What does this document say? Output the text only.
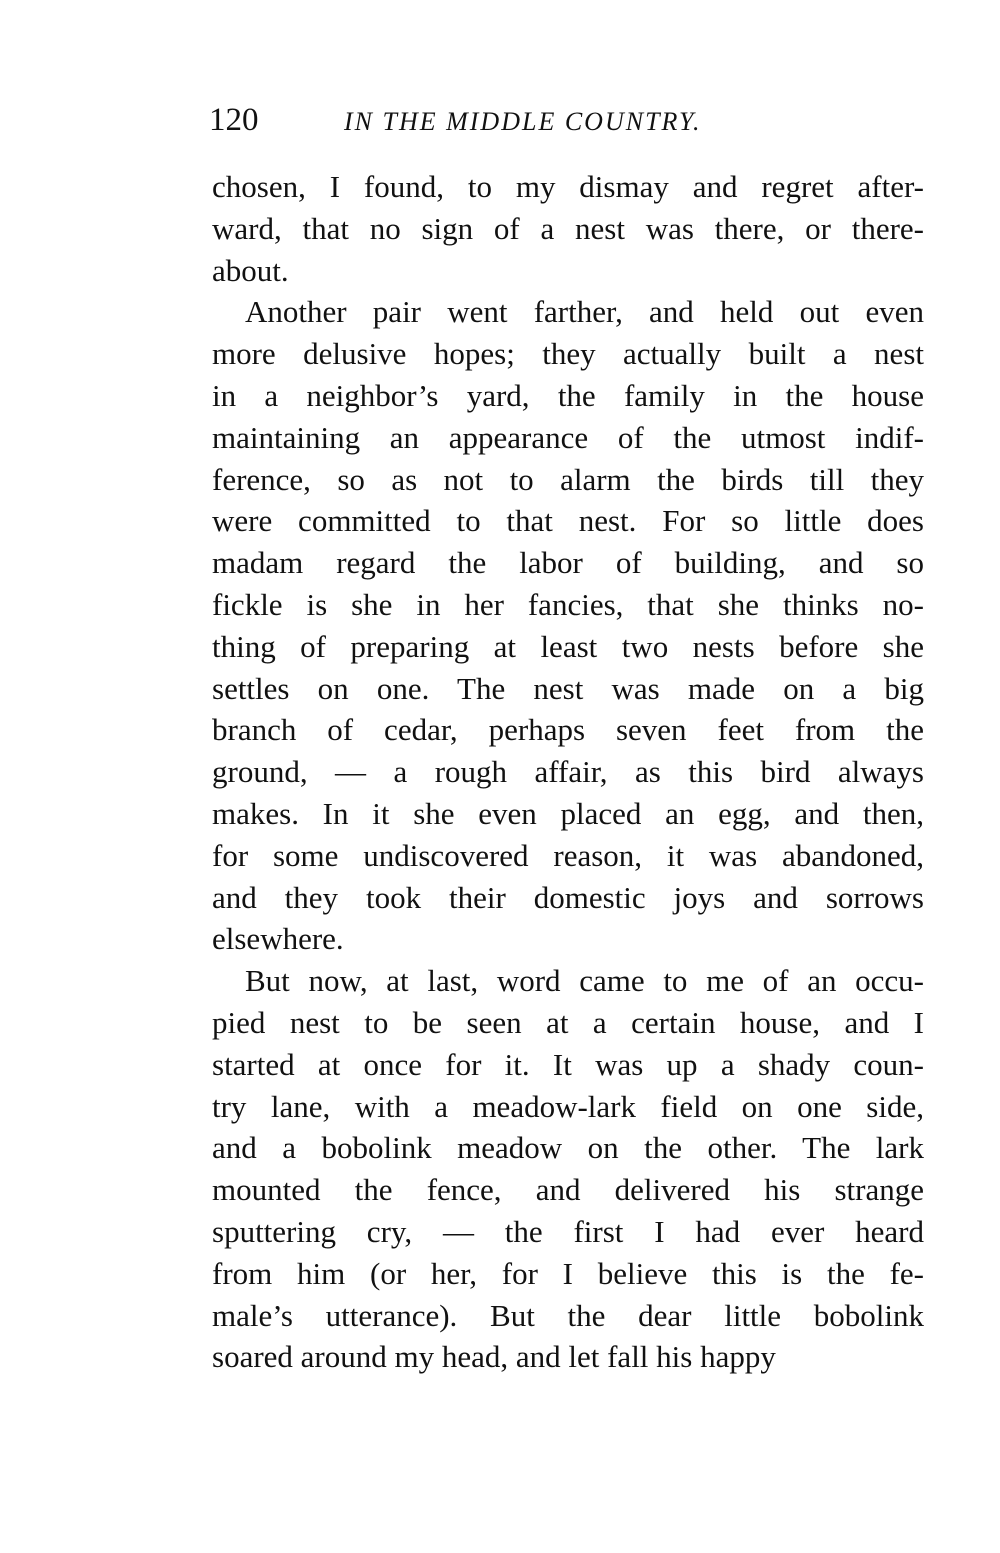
120	IN THE MIDDLE COUNTRY.
chosen, I found, to my dismay and regret after-
ward, that no sign of a nest was there, or there-
about.
Another pair went farther, and held out even
more delusive hopes; they actually built a nest
in a neighbor’s yard, the family in the house
maintaining an appearance of the utmost indif-
ference, so as not to alarm the birds till they
were committed to that nest. For so little does
madam regard the labor of building, and so
fickle is she in her fancies, that she thinks no-
thing of preparing at least two nests before she
settles on one. The nest was made on a big
branch of cedar, perhaps seven feet from the
ground, — a rough affair, as this bird always
makes. In it she even placed an egg, and then,
for some undiscovered reason, it was abandoned,
and they took their domestic joys and sorrows
elsewhere.
But now, at last, word came to me of an occu-
pied nest to be seen at a certain house, and I
started at once for it. It was up a shady coun-
try lane, with a meadow-lark field on one side,
and a bobolink meadow on the other. The lark
mounted the fence, and delivered his strange
sputtering cry, — the first I had ever heard
from him (or her, for I believe this is the fe-
male’s utterance). But the dear little bobolink
soared around my head, and let fall his happy
